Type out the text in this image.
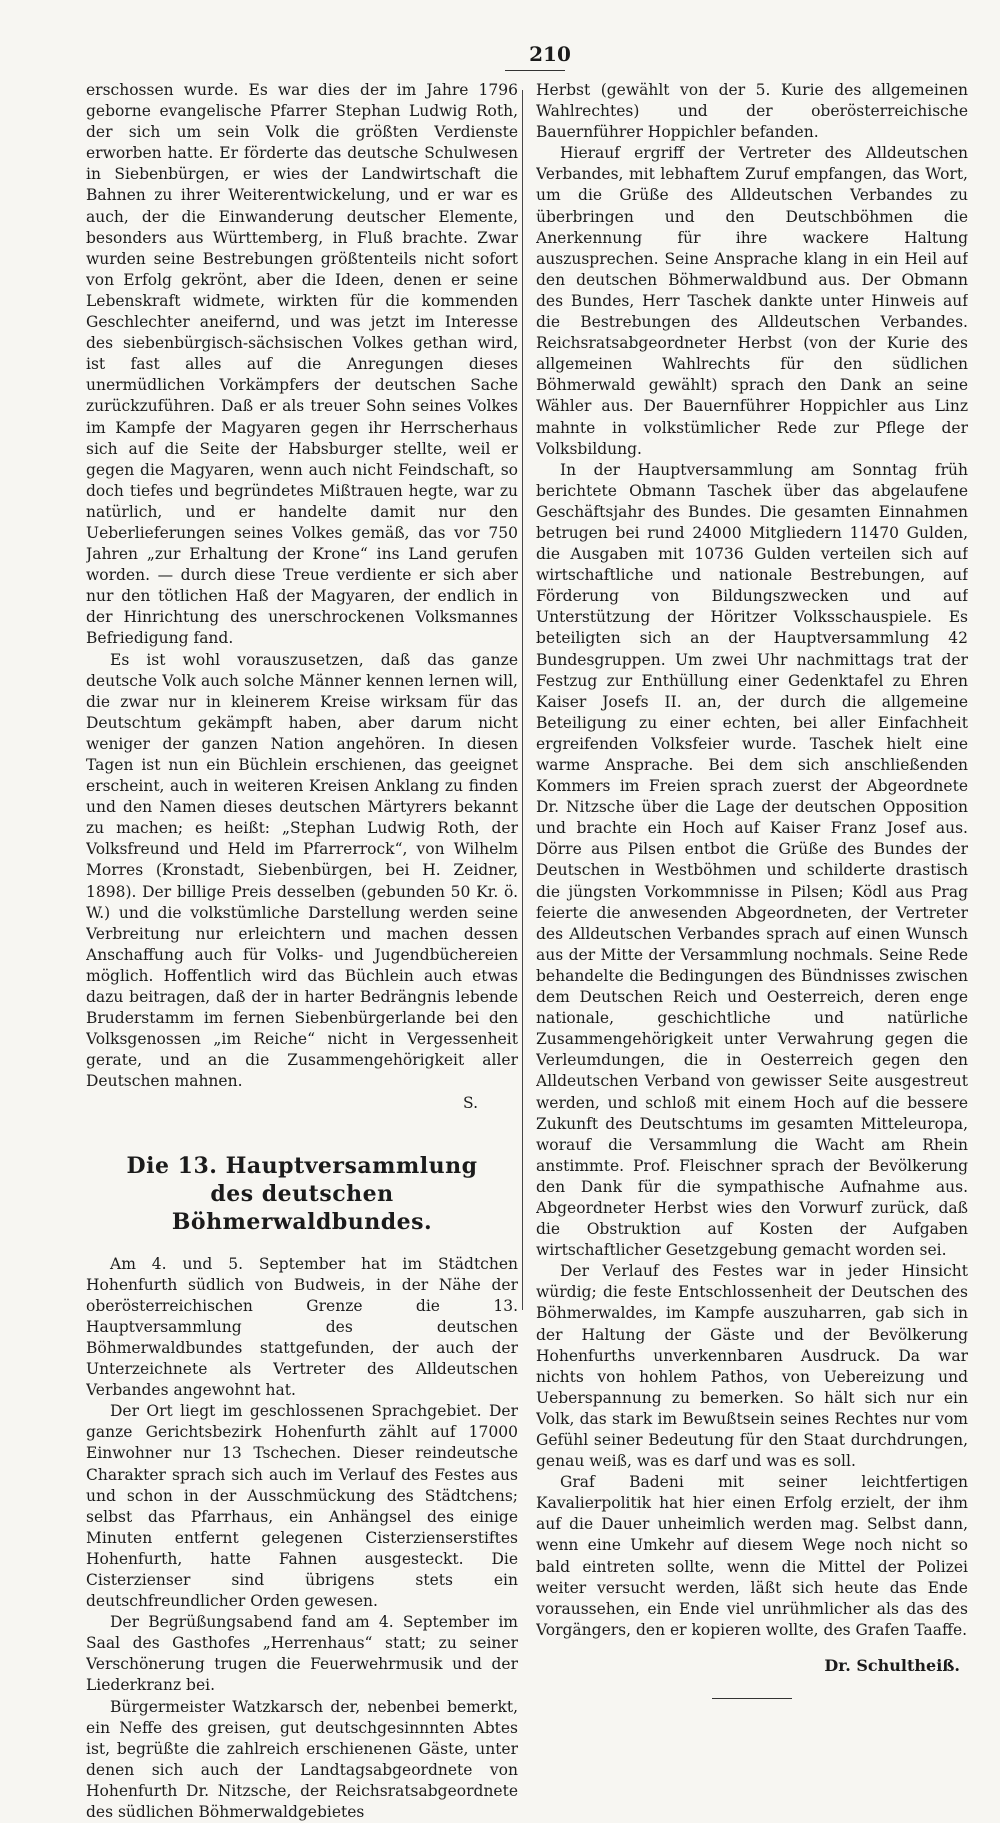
210

erschossen wurde. Es war dies der im Jahre 1796 geborne evangelische Pfarrer Stephan Ludwig Roth, der sich um sein Volk die größten Verdienste erworben hatte. Er förderte das deutsche Schulwesen in Siebenbürgen, er wies der Landwirtschaft die Bahnen zu ihrer Weiterentwickelung, und er war es auch, der die Einwanderung deutscher Elemente, besonders aus Württemberg, in Fluß brachte. Zwar wurden seine Bestrebungen größtenteils nicht sofort von Erfolg gekrönt, aber die Ideen, denen er seine Lebenskraft widmete, wirkten für die kommenden Geschlechter aneifernd, und was jetzt im Interesse des siebenbürgisch-sächsischen Volkes gethan wird, ist fast alles auf die Anregungen dieses unermüdlichen Vorkämpfers der deutschen Sache zurückzuführen. Daß er als treuer Sohn seines Volkes im Kampfe der Magyaren gegen ihr Herrscherhaus sich auf die Seite der Habsburger stellte, weil er gegen die Magyaren, wenn auch nicht Feindschaft, so doch tiefes und begründetes Mißtrauen hegte, war zu natürlich, und er handelte damit nur den Ueberlieferungen seines Volkes gemäß, das vor 750 Jahren „zur Erhaltung der Krone“ ins Land gerufen worden. — durch diese Treue verdiente er sich aber nur den tötlichen Haß der Magyaren, der endlich in der Hinrichtung des unerschrockenen Volksmannes Befriedigung fand.

Es ist wohl vorauszusetzen, daß das ganze deutsche Volk auch solche Männer kennen lernen will, die zwar nur in kleinerem Kreise wirksam für das Deutschtum gekämpft haben, aber darum nicht weniger der ganzen Nation angehören. In diesen Tagen ist nun ein Büchlein erschienen, das geeignet erscheint, auch in weiteren Kreisen Anklang zu finden und den Namen dieses deutschen Märtyrers bekannt zu machen; es heißt: „Stephan Ludwig Roth, der Volksfreund und Held im Pfarrerrock“, von Wilhelm Morres (Kronstadt, Siebenbürgen, bei H. Zeidner, 1898). Der billige Preis desselben (gebunden 50 Kr. ö. W.) und die volkstümliche Darstellung werden seine Verbreitung nur erleichtern und machen dessen Anschaffung auch für Volks- und Jugendbüchereien möglich. Hoffentlich wird das Büchlein auch etwas dazu beitragen, daß der in harter Bedrängnis lebende Bruderstamm im fernen Siebenbürgerlande bei den Volksgenossen „im Reiche“ nicht in Vergessenheit gerate, und an die Zusammengehörigkeit aller Deutschen mahnen.

S.
Die 13. Hauptversammlung
des deutschen Böhmerwaldbundes.

Am 4. und 5. September hat im Städtchen Hohenfurth südlich von Budweis, in der Nähe der oberösterreichischen Grenze die 13. Hauptversammlung des deutschen Böhmerwaldbundes stattgefunden, der auch der Unterzeichnete als Vertreter des Alldeutschen Verbandes angewohnt hat.

Der Ort liegt im geschlossenen Sprachgebiet. Der ganze Gerichtsbezirk Hohenfurth zählt auf 17000 Einwohner nur 13 Tschechen. Dieser reindeutsche Charakter sprach sich auch im Verlauf des Festes aus und schon in der Ausschmückung des Städtchens; selbst das Pfarrhaus, ein Anhängsel des einige Minuten entfernt gelegenen Cisterzienserstiftes Hohenfurth, hatte Fahnen ausgesteckt. Die Cisterzienser sind übrigens stets ein deutschfreundlicher Orden gewesen.

Der Begrüßungsabend fand am 4. September im Saal des Gasthofes „Herrenhaus“ statt; zu seiner Verschönerung trugen die Feuerwehrmusik und der Liederkranz bei.

Bürgermeister Watzkarsch der, nebenbei bemerkt, ein Neffe des greisen, gut deutschgesinnnten Abtes ist, begrüßte die zahlreich erschienenen Gäste, unter denen sich auch der Landtagsabgeordnete von Hohenfurth Dr. Nitzsche, der Reichsratsabgeordnete des südlichen Böhmerwaldgebietes

Herbst (gewählt von der 5. Kurie des allgemeinen Wahlrechtes) und der oberösterreichische Bauernführer Hoppichler befanden.

Hierauf ergriff der Vertreter des Alldeutschen Verbandes, mit lebhaftem Zuruf empfangen, das Wort, um die Grüße des Alldeutschen Verbandes zu überbringen und den Deutschböhmen die Anerkennung für ihre wackere Haltung auszusprechen. Seine Ansprache klang in ein Heil auf den deutschen Böhmerwaldbund aus. Der Obmann des Bundes, Herr Taschek dankte unter Hinweis auf die Bestrebungen des Alldeutschen Verbandes. Reichsratsabgeordneter Herbst (von der Kurie des allgemeinen Wahlrechts für den südlichen Böhmerwald gewählt) sprach den Dank an seine Wähler aus. Der Bauernführer Hoppichler aus Linz mahnte in volkstümlicher Rede zur Pflege der Volksbildung.

In der Hauptversammlung am Sonntag früh berichtete Obmann Taschek über das abgelaufene Geschäftsjahr des Bundes. Die gesamten Einnahmen betrugen bei rund 24000 Mitgliedern 11470 Gulden, die Ausgaben mit 10736 Gulden verteilen sich auf wirtschaftliche und nationale Bestrebungen, auf Förderung von Bildungszwecken und auf Unterstützung der Höritzer Volksschauspiele. Es beteiligten sich an der Hauptversammlung 42 Bundesgruppen. Um zwei Uhr nachmittags trat der Festzug zur Enthüllung einer Gedenktafel zu Ehren Kaiser Josefs II. an, der durch die allgemeine Beteiligung zu einer echten, bei aller Einfachheit ergreifenden Volksfeier wurde. Taschek hielt eine warme Ansprache. Bei dem sich anschließenden Kommers im Freien sprach zuerst der Abgeordnete Dr. Nitzsche über die Lage der deutschen Opposition und brachte ein Hoch auf Kaiser Franz Josef aus. Dörre aus Pilsen entbot die Grüße des Bundes der Deutschen in Westböhmen und schilderte drastisch die jüngsten Vorkommnisse in Pilsen; Ködl aus Prag feierte die anwesenden Abgeordneten, der Vertreter des Alldeutschen Verbandes sprach auf einen Wunsch aus der Mitte der Versammlung nochmals. Seine Rede behandelte die Bedingungen des Bündnisses zwischen dem Deutschen Reich und Oesterreich, deren enge nationale, geschichtliche und natürliche Zusammengehörigkeit unter Verwahrung gegen die Verleumdungen, die in Oesterreich gegen den Alldeutschen Verband von gewisser Seite ausgestreut werden, und schloß mit einem Hoch auf die bessere Zukunft des Deutschtums im gesamten Mitteleuropa, worauf die Versammlung die Wacht am Rhein anstimmte. Prof. Fleischner sprach der Bevölkerung den Dank für die sympathische Aufnahme aus. Abgeordneter Herbst wies den Vorwurf zurück, daß die Obstruktion auf Kosten der Aufgaben wirtschaftlicher Gesetzgebung gemacht worden sei.

Der Verlauf des Festes war in jeder Hinsicht würdig; die feste Entschlossenheit der Deutschen des Böhmerwaldes, im Kampfe auszuharren, gab sich in der Haltung der Gäste und der Bevölkerung Hohenfurths unverkennbaren Ausdruck. Da war nichts von hohlem Pathos, von Uebereizung und Ueberspannung zu bemerken. So hält sich nur ein Volk, das stark im Bewußtsein seines Rechtes nur vom Gefühl seiner Bedeutung für den Staat durchdrungen, genau weiß, was es darf und was es soll.

Graf Badeni mit seiner leichtfertigen Kavalierpolitik hat hier einen Erfolg erzielt, der ihm auf die Dauer unheimlich werden mag. Selbst dann, wenn eine Umkehr auf diesem Wege noch nicht so bald eintreten sollte, wenn die Mittel der Polizei weiter versucht werden, läßt sich heute das Ende voraussehen, ein Ende viel unrühmlicher als das des Vorgängers, den er kopieren wollte, des Grafen Taaffe.

Dr. Schultheiß.
